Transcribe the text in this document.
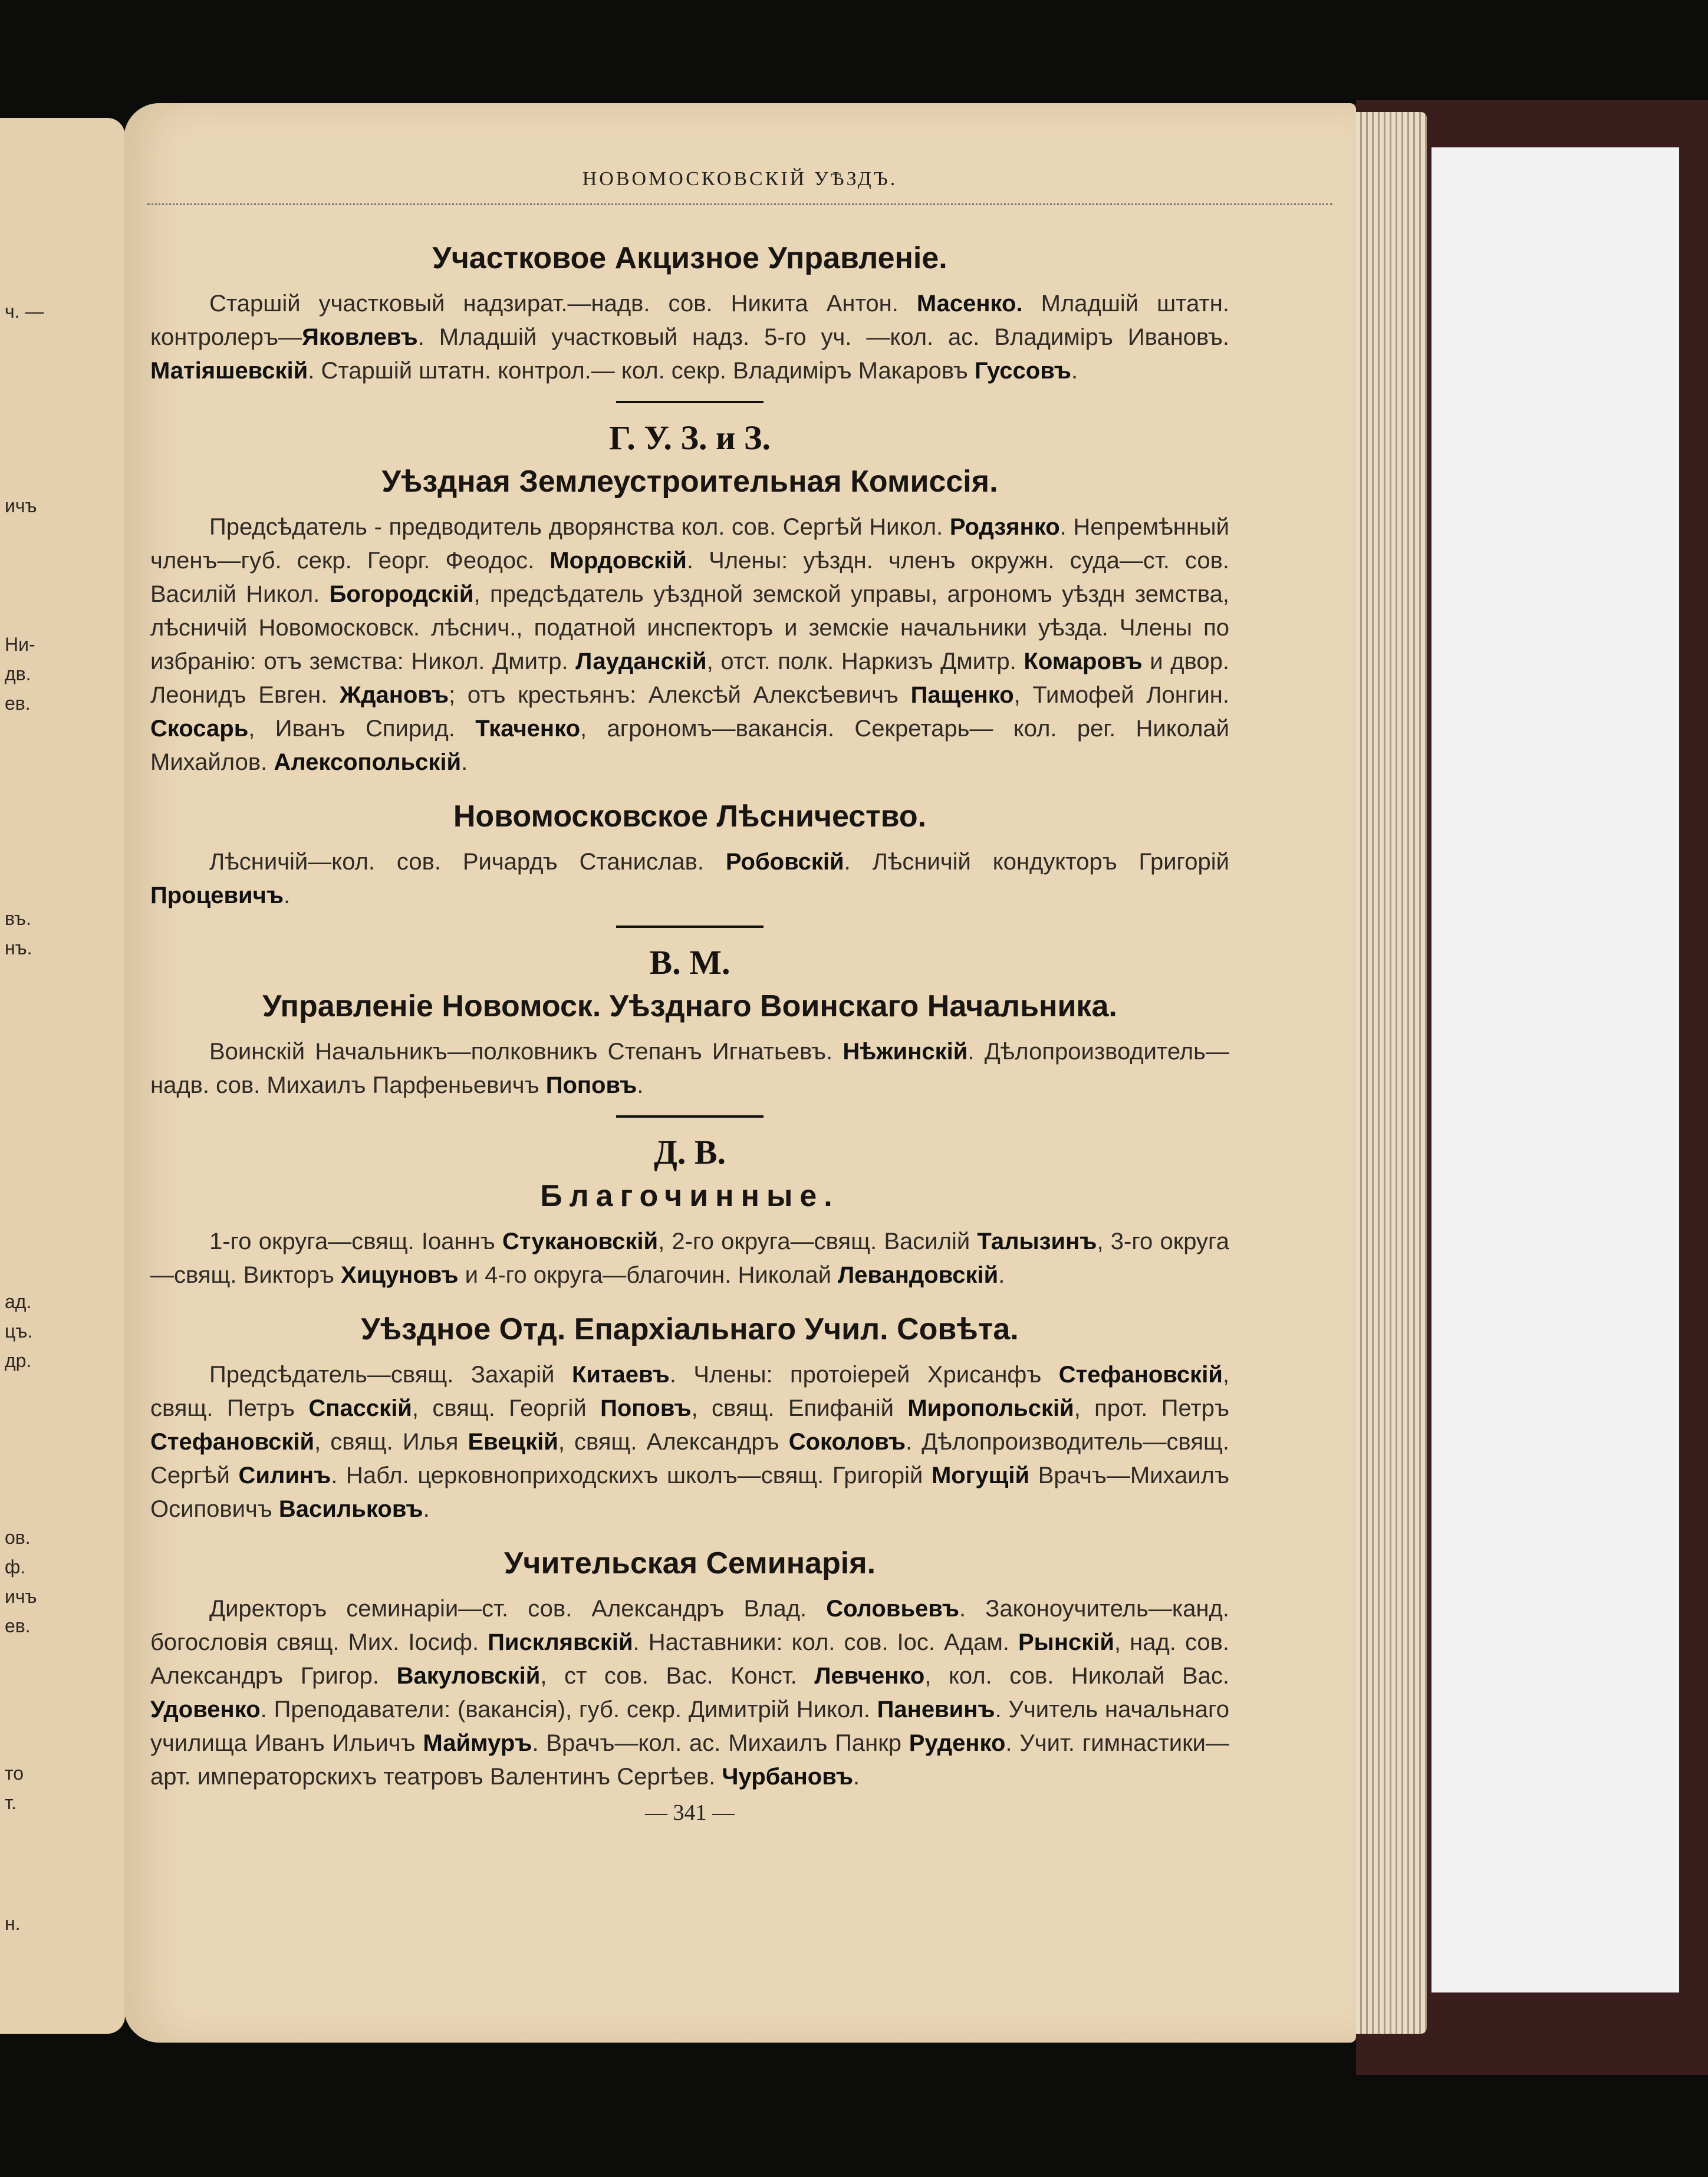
ч. —
ичъ
Ни-
дв.
ев.
въ.
нъ.
ад.
цъ.
др.
ов.
ф.
ичъ
ев.
то
т.
н.
НОВОМОСКОВСКІЙ УѢЗДЪ.
Участковое Акцизное Управленіе.

Старшій участковый надзират.—надв. сов. Никита Антон. Масенко. Младшій штатн. контролеръ—Яковлевъ. Младшій участковый надз. 5-го уч. —кол. ас. Владиміръ Ивановъ. Матіяшевскій. Старшій штатн. контрол.— кол. секр. Владиміръ Макаровъ Гуссовъ.

Г. У. З. и З.

Уѣздная Землеустроительная Комиссія.

Предсѣдатель - предводитель дворянства кол. сов. Сергѣй Никол. Родзянко. Непремѣнный членъ—губ. секр. Георг. Феодос. Мордовскій. Члены: уѣздн. членъ окружн. суда—ст. сов. Василій Никол. Богородскій, предсѣдатель уѣздной земской управы, агрономъ уѣздн земства, лѣсничій Новомосковск. лѣснич., податной инспекторъ и земскіе начальники уѣзда. Члены по избранію: отъ земства: Никол. Дмитр. Лауданскій, отст. полк. Наркизъ Дмитр. Комаровъ и двор. Леонидъ Евген. Ждановъ; отъ крестьянъ: Алексѣй Алексѣевичъ Пащенко, Тимофей Лонгин. Скосарь, Иванъ Спирид. Ткаченко, агрономъ—вакансія. Секретарь— кол. рег. Николай Михайлов. Алексопольскій.

Новомосковское Лѣсничество.

Лѣсничій—кол. сов. Ричардъ Станислав. Робовскій. Лѣсничій кондукторъ Григорій Процевичъ.

В. М.

Управленіе Новомоск. Уѣзднаго Воинскаго Начальника.

Воинскій Начальникъ—полковникъ Степанъ Игнатьевъ. Нѣжинскій. Дѣлопроизводитель—надв. сов. Михаилъ Парфеньевичъ Поповъ.

Д. В.

Благочинные.

1-го округа—свящ. Іоаннъ Стукановскій, 2-го округа—свящ. Василій Талызинъ, 3-го округа—свящ. Викторъ Хицуновъ и 4-го округа—благочин. Николай Левандовскій.

Уѣздное Отд. Епархіальнаго Учил. Совѣта.

Предсѣдатель—свящ. Захарій Китаевъ. Члены: протоіерей Хрисанфъ Стефановскій, свящ. Петръ Спасскій, свящ. Георгій Поповъ, свящ. Епифаній Миропольскій, прот. Петръ Стефановскій, свящ. Илья Евецкій, свящ. Александръ Соколовъ. Дѣлопроизводитель—свящ. Сергѣй Силинъ. Набл. церковноприходскихъ школъ—свящ. Григорій Могущій Врачъ—Михаилъ Осиповичъ Васильковъ.

Учительская Семинарія.

Директоръ семинаріи—ст. сов. Александръ Влад. Соловьевъ. Законоучитель—канд. богословія свящ. Мих. Іосиф. Писклявскій. Наставники: кол. сов. Іос. Адам. Рынскій, над. сов. Александръ Григор. Вакуловскій, ст сов. Вас. Конст. Левченко, кол. сов. Николай Вас. Удовенко. Преподаватели: (вакансія), губ. секр. Димитрій Никол. Паневинъ. Учитель начальнаго училища Иванъ Ильичъ Маймуръ. Врачъ—кол. ас. Михаилъ Панкр Руденко. Учит. гимнастики—арт. императорскихъ театровъ Валентинъ Сергѣев. Чурбановъ.

— 341 —
